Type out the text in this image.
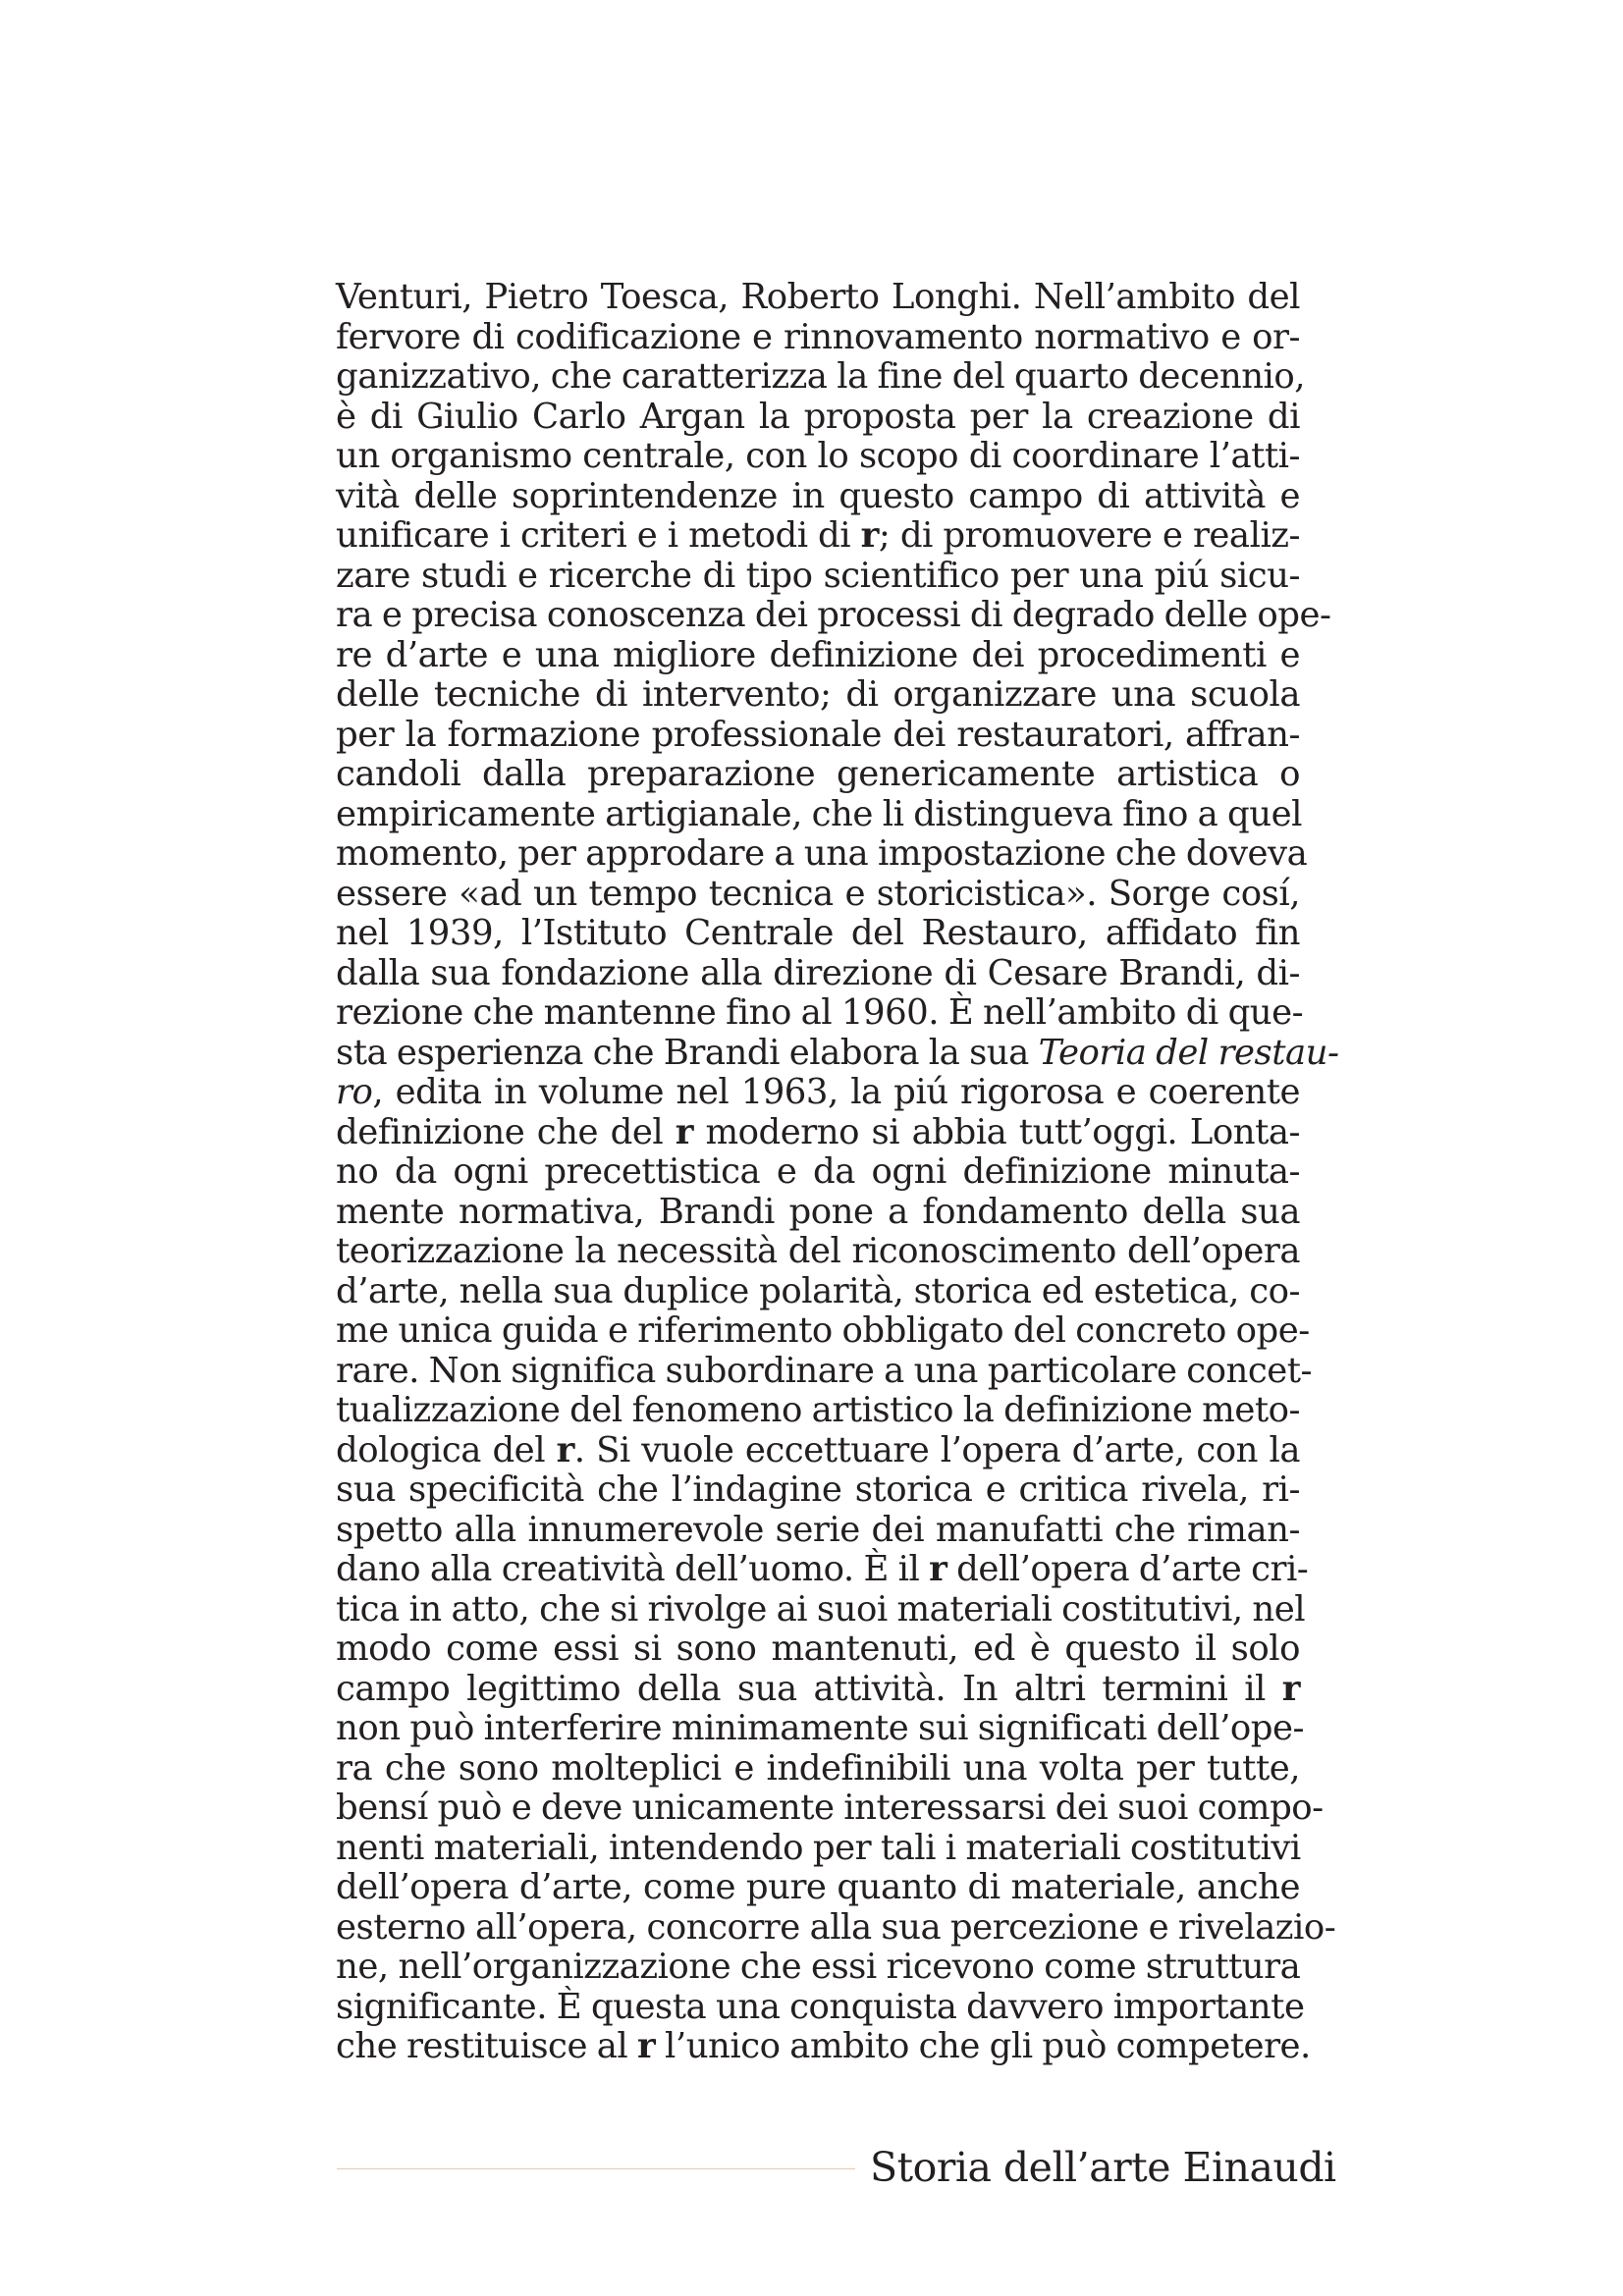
Venturi, Pietro Toesca, Roberto Longhi. Nell’ambito del
fervore di codificazione e rinnovamento normativo e or-
ganizzativo, che caratterizza la fine del quarto decennio,
è di Giulio Carlo Argan la proposta per la creazione di
un organismo centrale, con lo scopo di coordinare l’atti-
vità delle soprintendenze in questo campo di attività e
unificare i criteri e i metodi di r; di promuovere e realiz-
zare studi e ricerche di tipo scientifico per una piú sicu-
ra e precisa conoscenza dei processi di degrado delle ope-
re d’arte e una migliore definizione dei procedimenti e
delle tecniche di intervento; di organizzare una scuola
per la formazione professionale dei restauratori, affran-
candoli dalla preparazione genericamente artistica o
empiricamente artigianale, che li distingueva fino a quel
momento, per approdare a una impostazione che doveva
essere «ad un tempo tecnica e storicistica». Sorge cosí,
nel 1939, l’Istituto Centrale del Restauro, affidato fin
dalla sua fondazione alla direzione di Cesare Brandi, di-
rezione che mantenne fino al 1960. È nell’ambito di que-
sta esperienza che Brandi elabora la sua Teoria del restau-
ro, edita in volume nel 1963, la piú rigorosa e coerente
definizione che del r moderno si abbia tutt’oggi. Lonta-
no da ogni precettistica e da ogni definizione minuta-
mente normativa, Brandi pone a fondamento della sua
teorizzazione la necessità del riconoscimento dell’opera
d’arte, nella sua duplice polarità, storica ed estetica, co-
me unica guida e riferimento obbligato del concreto ope-
rare. Non significa subordinare a una particolare concet-
tualizzazione del fenomeno artistico la definizione meto-
dologica del r. Si vuole eccettuare l’opera d’arte, con la
sua specificità che l’indagine storica e critica rivela, ri-
spetto alla innumerevole serie dei manufatti che riman-
dano alla creatività dell’uomo. È il r dell’opera d’arte cri-
tica in atto, che si rivolge ai suoi materiali costitutivi, nel
modo come essi si sono mantenuti, ed è questo il solo
campo legittimo della sua attività. In altri termini il r
non può interferire minimamente sui significati dell’ope-
ra che sono molteplici e indefinibili una volta per tutte,
bensí può e deve unicamente interessarsi dei suoi compo-
nenti materiali, intendendo per tali i materiali costitutivi
dell’opera d’arte, come pure quanto di materiale, anche
esterno all’opera, concorre alla sua percezione e rivelazio-
ne, nell’organizzazione che essi ricevono come struttura
significante. È questa una conquista davvero importante
che restituisce al r l’unico ambito che gli può competere.
Storia dell’arte Einaudi
